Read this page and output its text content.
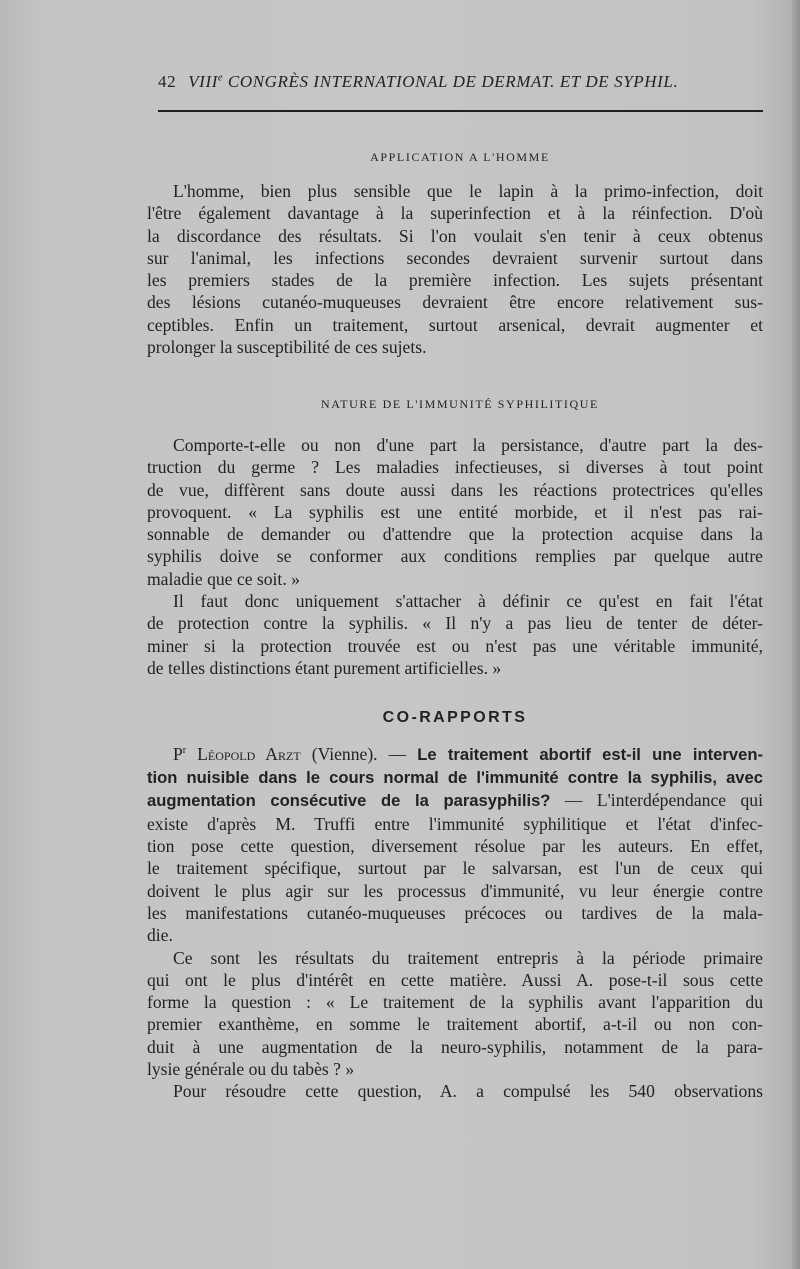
42 VIIIe CONGRÈS INTERNATIONAL DE DERMAT. ET DE SYPHIL.
APPLICATION A L'HOMME
L'homme, bien plus sensible que le lapin à la primo-infection, doit
l'être également davantage à la superinfection et à la réinfection. D'où
la discordance des résultats. Si l'on voulait s'en tenir à ceux obtenus
sur l'animal, les infections secondes devraient survenir surtout dans
les premiers stades de la première infection. Les sujets présentant
des lésions cutanéo-muqueuses devraient être encore relativement sus-
ceptibles. Enfin un traitement, surtout arsenical, devrait augmenter et
prolonger la susceptibilité de ces sujets.
NATURE DE L'IMMUNITÉ SYPHILITIQUE
Comporte-t-elle ou non d'une part la persistance, d'autre part la des-
truction du germe ? Les maladies infectieuses, si diverses à tout point
de vue, diffèrent sans doute aussi dans les réactions protectrices qu'elles
provoquent. « La syphilis est une entité morbide, et il n'est pas rai-
sonnable de demander ou d'attendre que la protection acquise dans la
syphilis doive se conformer aux conditions remplies par quelque autre
maladie que ce soit. »
Il faut donc uniquement s'attacher à définir ce qu'est en fait l'état
de protection contre la syphilis. « Il n'y a pas lieu de tenter de déter-
miner si la protection trouvée est ou n'est pas une véritable immunité,
de telles distinctions étant purement artificielles. »
CO-RAPPORTS
$P^r$ Léopold Arzt (Vienne). — Le traitement abortif est-il une interven-
tion nuisible dans le cours normal de l'immunité contre la syphilis, avec
augmentation consécutive de la parasyphilis? — L'interdépendance qui
existe d'après M. Truffi entre l'immunité syphilitique et l'état d'infec-
tion pose cette question, diversement résolue par les auteurs. En effet,
le traitement spécifique, surtout par le salvarsan, est l'un de ceux qui
doivent le plus agir sur les processus d'immunité, vu leur énergie contre
les manifestations cutanéo-muqueuses précoces ou tardives de la mala-
die.
Ce sont les résultats du traitement entrepris à la période primaire
qui ont le plus d'intérêt en cette matière. Aussi A. pose-t-il sous cette
forme la question : « Le traitement de la syphilis avant l'apparition du
premier exanthème, en somme le traitement abortif, a-t-il ou non con-
duit à une augmentation de la neuro-syphilis, notamment de la para-
lysie générale ou du tabès ? »
Pour résoudre cette question, A. a compulsé les 540 observations
